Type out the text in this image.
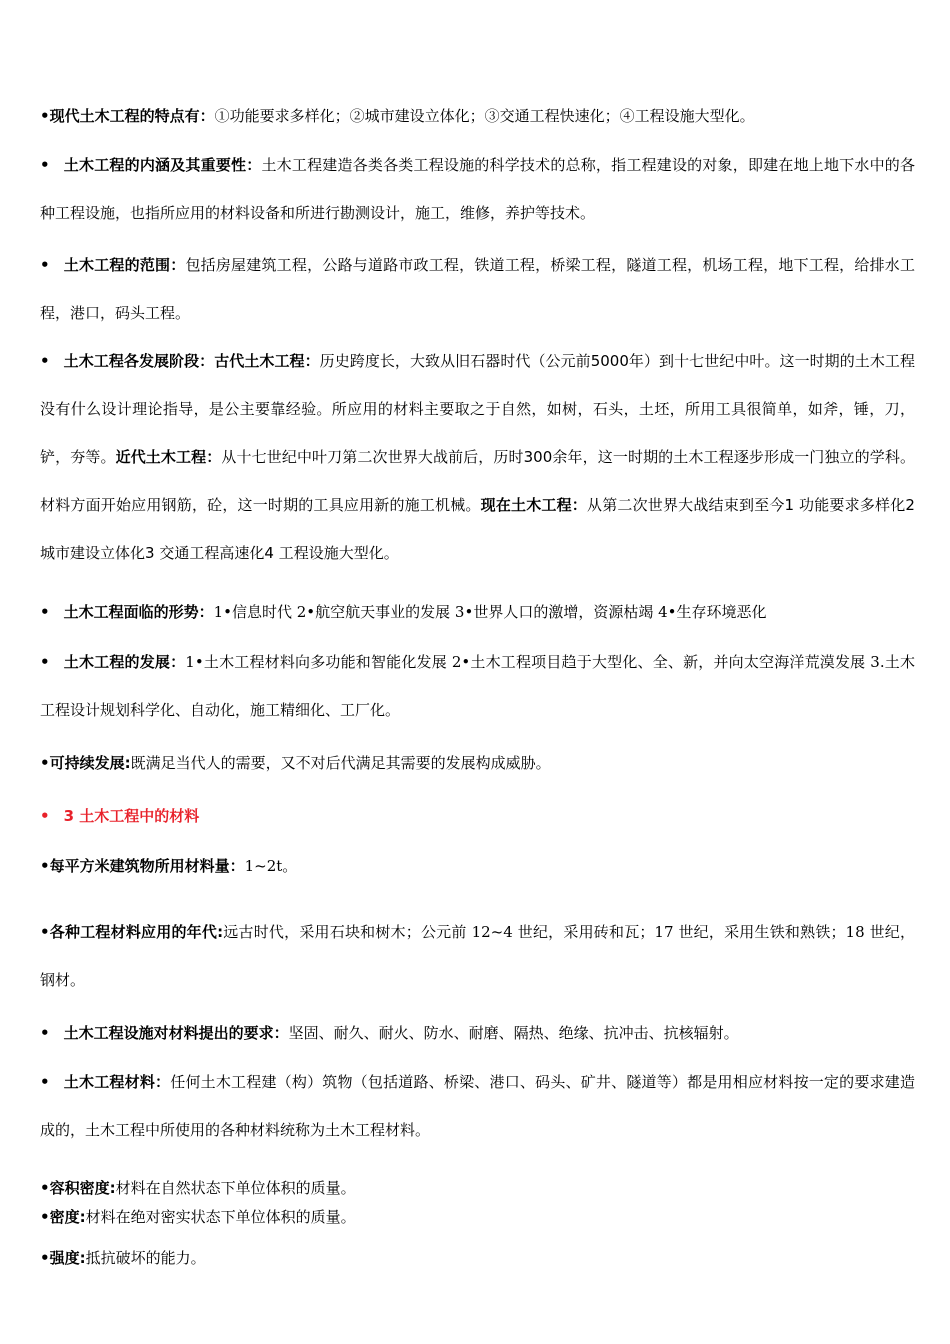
•现代土木工程的特点有：①功能要求多样化；②城市建设立体化；③交通工程快速化；④工程设施大型化。
• 土木工程的内涵及其重要性：土木工程建造各类各类工程设施的科学技术的总称，指工程建设的对象，即建在地上地下水中的各种工程设施，也指所应用的材料设备和所进行勘测设计，施工，维修，养护等技术。
• 土木工程的范围：包括房屋建筑工程，公路与道路市政工程，铁道工程，桥梁工程，隧道工程，机场工程，地下工程，给排水工程，港口，码头工程。
• 土木工程各发展阶段：古代土木工程：历史跨度长，大致从旧石器时代（公元前5000年）到十七世纪中叶。这一时期的土木工程没有什么设计理论指导，是公主要靠经验。所应用的材料主要取之于自然，如树，石头，土坯，所用工具很简单，如斧，锤，刀，铲，夯等。近代土木工程：从十七世纪中叶刀第二次世界大战前后，历时300余年，这一时期的土木工程逐步形成一门独立的学科。材料方面开始应用钢筋，砼，这一时期的工具应用新的施工机械。现在土木工程：从第二次世界大战结束到至今1 功能要求多样化2 城市建设立体化3 交通工程高速化4 工程设施大型化。
• 土木工程面临的形势：1•信息时代 2•航空航天事业的发展 3•世界人口的激增，资源枯竭 4•生存环境恶化
• 土木工程的发展：1•土木工程材料向多功能和智能化发展 2•土木工程项目趋于大型化、全、新，并向太空海洋荒漠发展 3.土木工程设计规划科学化、自动化，施工精细化、工厂化。
•可持续发展:既满足当代人的需要，又不对后代满足其需要的发展构成威胁。
• 3 土木工程中的材料
•每平方米建筑物所用材料量：1~2t。
•各种工程材料应用的年代:远古时代，采用石块和树木；公元前 12~4 世纪，采用砖和瓦；17 世纪，采用生铁和熟铁；18 世纪，钢材。
• 土木工程设施对材料提出的要求：坚固、耐久、耐火、防水、耐磨、隔热、绝缘、抗冲击、抗核辐射。
• 土木工程材料：任何土木工程建（构）筑物（包括道路、桥梁、港口、码头、矿井、隧道等）都是用相应材料按一定的要求建造成的，土木工程中所使用的各种材料统称为土木工程材料。
•容积密度:材料在自然状态下单位体积的质量。
•密度:材料在绝对密实状态下单位体积的质量。
•强度:抵抗破坏的能力。
